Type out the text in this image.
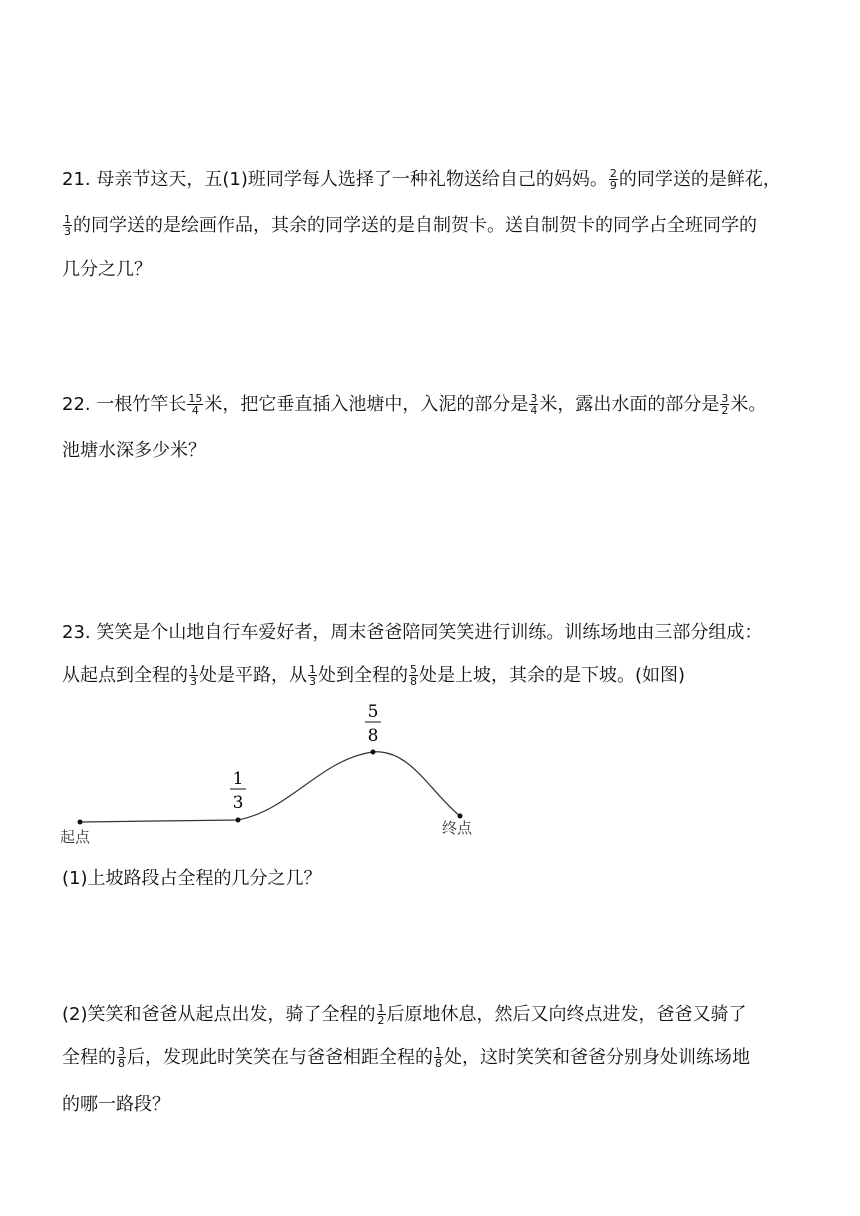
21. 母亲节这天，五(1)班同学每人选择了一种礼物送给自己的妈妈。 $\frac{2}{9}$ 的同学送的是鲜花，
$\frac{1}{3}$ 的同学送的是绘画作品，其余的同学送的是自制贺卡。送自制贺卡的同学占全班同学的
几分之几？
22. 一根竹竿长 $\frac{15}{4}$ 米，把它垂直插入池塘中，入泥的部分是 $\frac{3}{4}$ 米，露出水面的部分是 $\frac{3}{2}$ 米。
池塘水深多少米？
23. 笑笑是个山地自行车爱好者，周末爸爸陪同笑笑进行训练。训练场地由三部分组成：
从起点到全程的 $\frac{1}{3}$ 处是平路，从 $\frac{1}{3}$ 处到全程的 $\frac{5}{8}$ 处是上坡，其余的是下坡。(如图)
1
3
5
8
起点	终点
(1)上坡路段占全程的几分之几？
(2)笑笑和爸爸从起点出发，骑了全程的 $\frac{1}{2}$ 后原地休息，然后又向终点进发，爸爸又骑了
全程的 $\frac{3}{8}$ 后，发现此时笑笑在与爸爸相距全程的 $\frac{1}{8}$ 处，这时笑笑和爸爸分别身处训练场地
的哪一路段？
